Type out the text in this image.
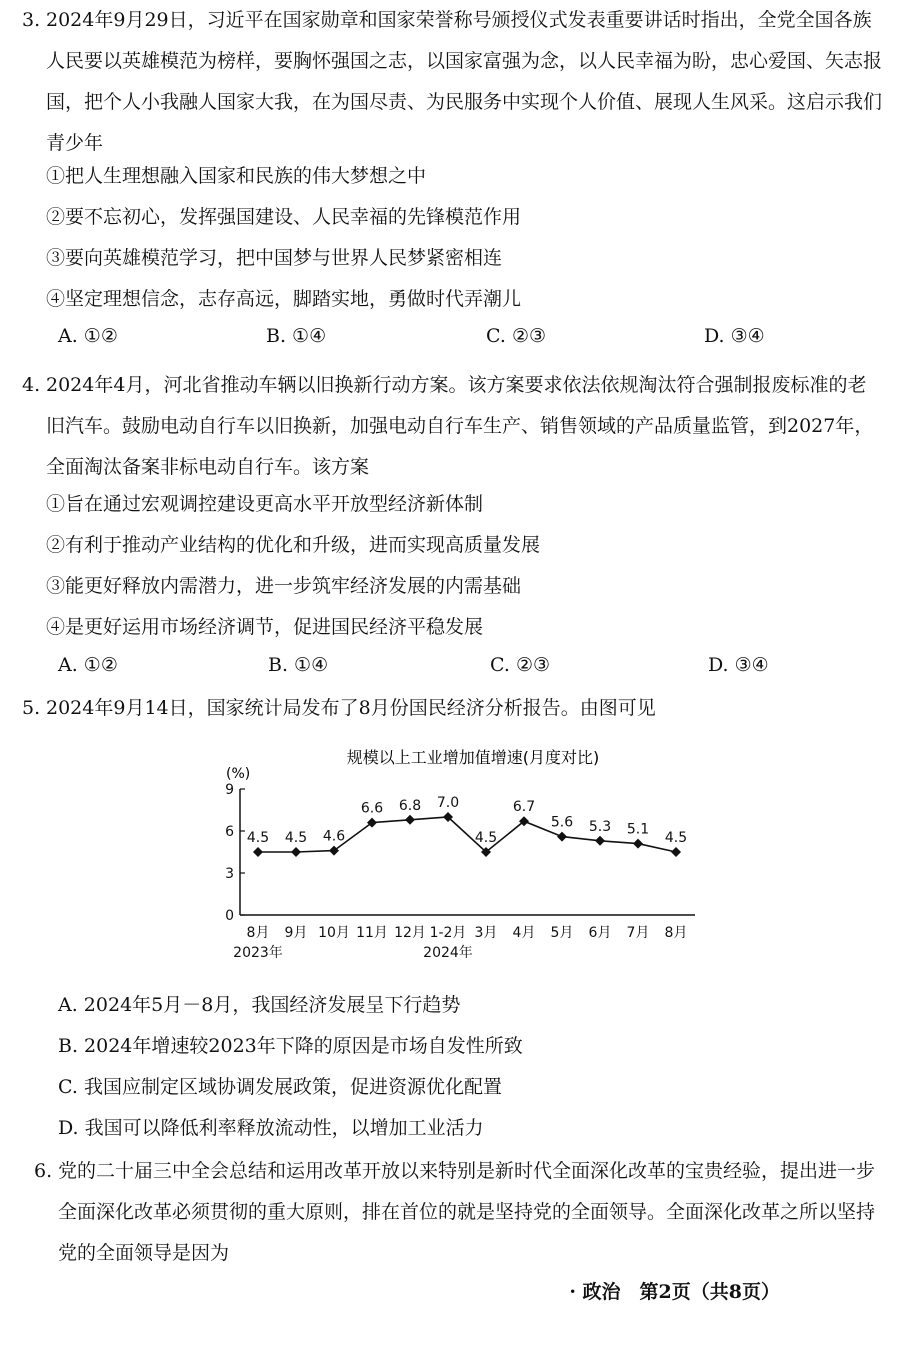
3. 2024年9月29日，习近平在国家勋章和国家荣誉称号颁授仪式发表重要讲话时指出，全党全国各族人民要以英雄模范为榜样，要胸怀强国之志，以国家富强为念，以人民幸福为盼，忠心爱国、矢志报国，把个人小我融人国家大我，在为国尽责、为民服务中实现个人价值、展现人生风采。这启示我们青少年
①把人生理想融入国家和民族的伟大梦想之中
②要不忘初心，发挥强国建设、人民幸福的先锋模范作用
③要向英雄模范学习，把中国梦与世界人民梦紧密相连
④坚定理想信念，志存高远，脚踏实地，勇做时代弄潮儿
A. ①②	B. ①④	C. ②③	D. ③④
4. 2024年4月，河北省推动车辆以旧换新行动方案。该方案要求依法依规淘汰符合强制报废标准的老旧汽车。鼓励电动自行车以旧换新，加强电动自行车生产、销售领域的产品质量监管，到2027年，全面淘汰备案非标电动自行车。该方案
①旨在通过宏观调控建设更高水平开放型经济新体制
②有利于推动产业结构的优化和升级，进而实现高质量发展
③能更好释放内需潜力，进一步筑牢经济发展的内需基础
④是更好运用市场经济调节，促进国民经济平稳发展
A. ①②	B. ①④	C. ②③	D. ③④
5. 2024年9月14日，国家统计局发布了8月份国民经济分析报告。由图可见
规模以上工业增加值增速(月度对比)
(%)
0
3
6
9
4.5
8月
4.5
9月
4.6
10月
6.6
11月
6.8
12月
7.0
1-2月
4.5
3月
6.7
4月
5.6
5月
5.3
6月
5.1
7月
4.5
8月
2023年	2024年
A. 2024年5月－8月，我国经济发展呈下行趋势
B. 2024年增速较2023年下降的原因是市场自发性所致
C. 我国应制定区域协调发展政策，促进资源优化配置
D. 我国可以降低利率释放流动性，以增加工业活力
6. 党的二十届三中全会总结和运用改革开放以来特别是新时代全面深化改革的宝贵经验，提出进一步全面深化改革必须贯彻的重大原则，排在首位的就是坚持党的全面领导。全面深化改革之所以坚持党的全面领导是因为
· 政治　第2页（共8页）
